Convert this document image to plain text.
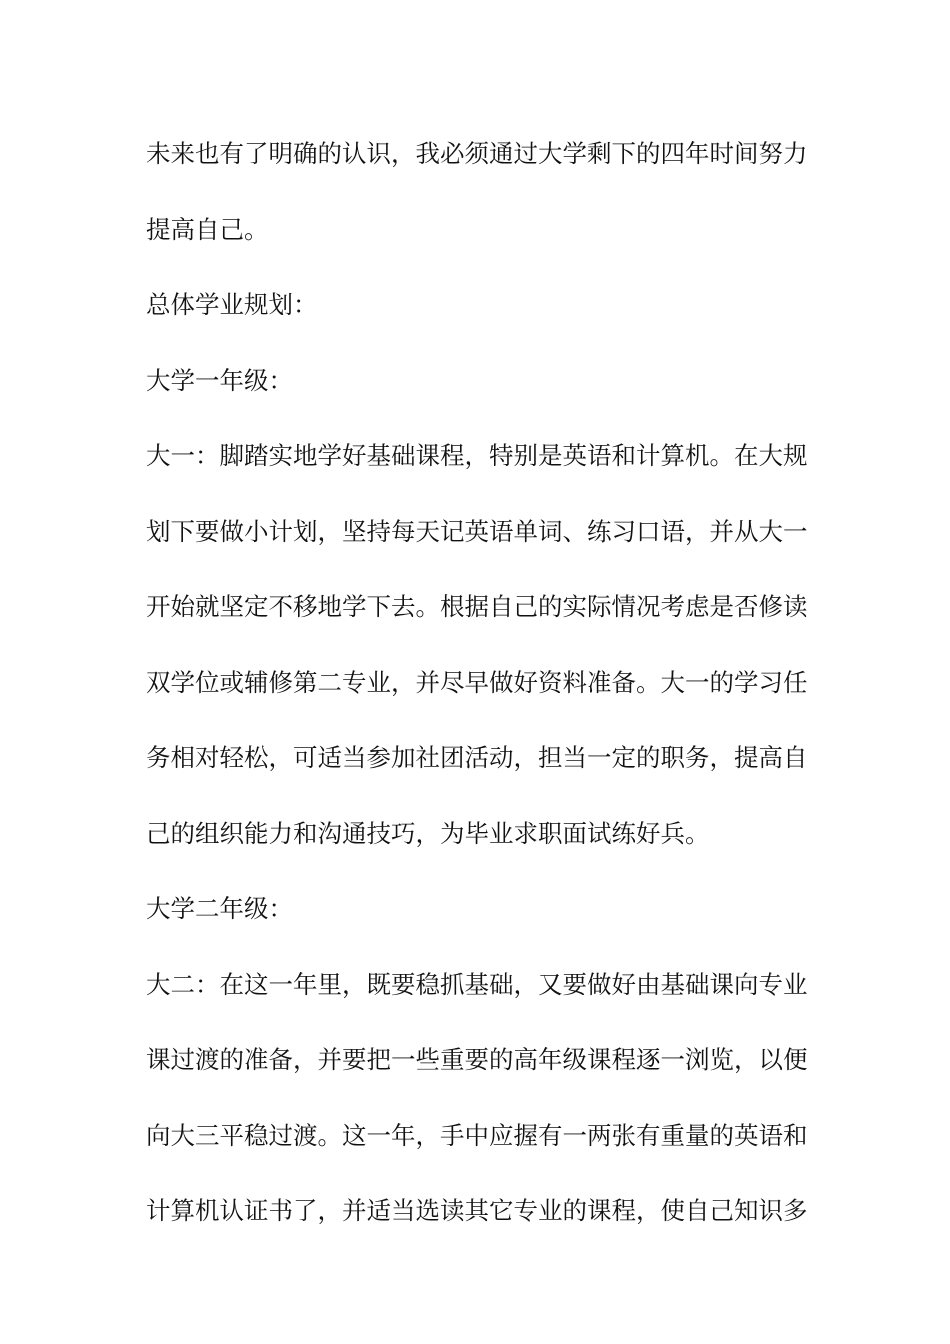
未来也有了明确的认识，我必须通过大学剩下的四年时间努力
提高自己。
总体学业规划：
大学一年级：
大一：脚踏实地学好基础课程，特别是英语和计算机。在大规
划下要做小计划，坚持每天记英语单词、练习口语，并从大一
开始就坚定不移地学下去。根据自己的实际情况考虑是否修读
双学位或辅修第二专业，并尽早做好资料准备。大一的学习任
务相对轻松，可适当参加社团活动，担当一定的职务，提高自
己的组织能力和沟通技巧，为毕业求职面试练好兵。
大学二年级：
大二：在这一年里，既要稳抓基础，又要做好由基础课向专业
课过渡的准备，并要把一些重要的高年级课程逐一浏览，以便
向大三平稳过渡。这一年，手中应握有一两张有重量的英语和
计算机认证书了，并适当选读其它专业的课程，使自己知识多
